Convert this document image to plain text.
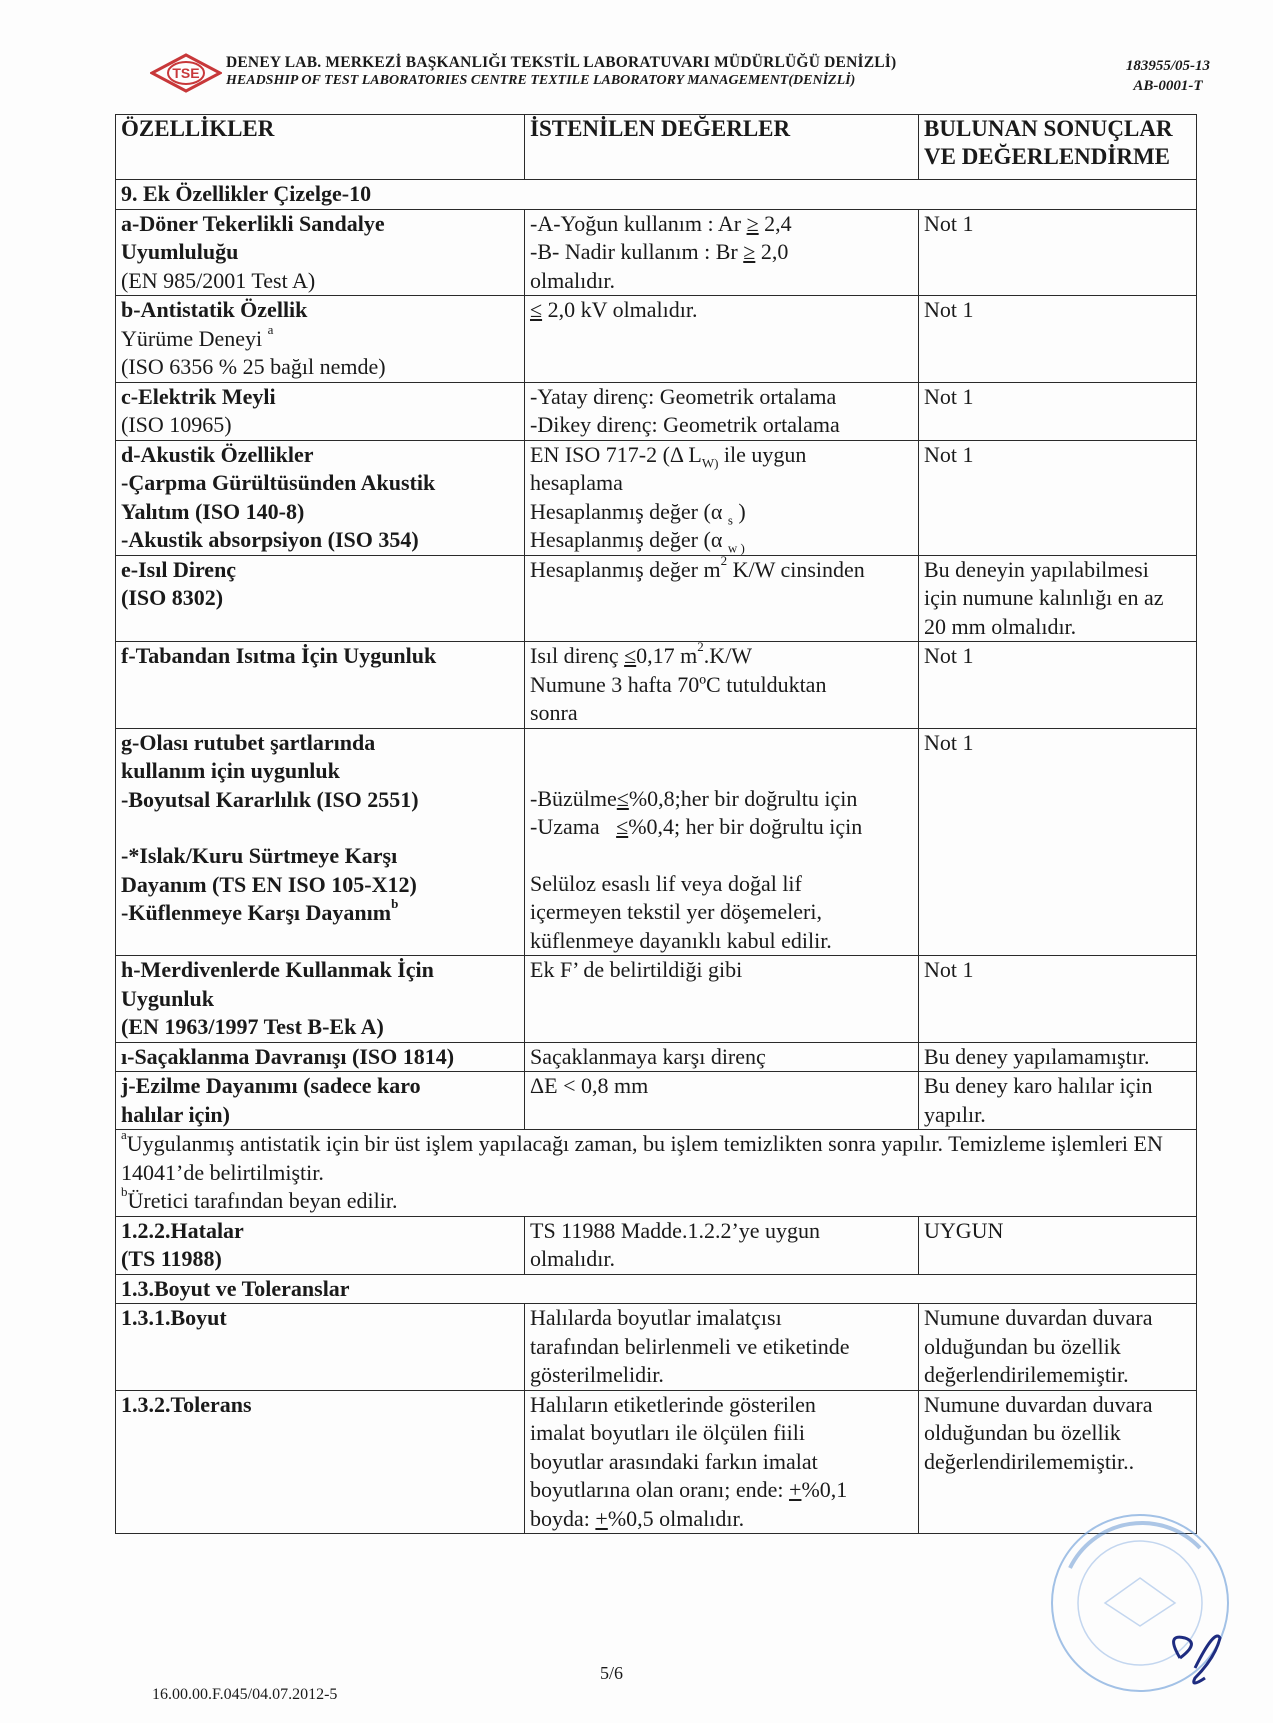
TSE
DENEY LAB. MERKEZİ BAŞKANLIĞI TEKSTİL LABORATUVARI MÜDÜRLÜĞÜ DENİZLİ)
HEADSHIP OF TEST LABORATORIES CENTRE TEXTILE LABORATORY MANAGEMENT(DENİZLİ)
183955/05-13
AB-0001-T
ÖZELLİKLER	İSTENİLEN DEĞERLER	BULUNAN SONUÇLAR
VE DEĞERLENDİRME

9. Ek Özellikler Çizelge-10		

a-Döner Tekerlikli Sandalye
Uyumluluğu
(EN 985/2001 Test A)	-A-Yoğun kullanım : Ar ≥ 2,4
-B- Nadir kullanım : Br ≥ 2,0
olmalıdır.	Not 1

b-Antistatik Özellik
Yürüme Deneyi $^a$
(ISO 6356 % 25 bağıl nemde)	≤ 2,0 kV olmalıdır.	Not 1

c-Elektrik Meyli
(ISO 10965)	-Yatay direnç: Geometrik ortalama
-Dikey direnç: Geometrik ortalama	Not 1

d-Akustik Özellikler
-Çarpma Gürültüsünden Akustik
Yalıtım (ISO 140-8)
-Akustik absorpsiyon (ISO 354)	EN ISO 717-2 (Δ $L_{W)}$ ile uygun
hesaplama
Hesaplanmış değer (α $_s$ )
Hesaplanmış değer (α $_{w )}$	Not 1

e-Isıl Direnç
(ISO 8302)	Hesaplanmış değer $m^2$ K/W cinsinden	Bu deneyin yapılabilmesi
için numune kalınlığı en az
20 mm olmalıdır.

f-Tabandan Isıtma İçin Uygunluk	Isıl direnç ≤0,17 $m^2.K/W$
Numune 3 hafta 70ºC tutulduktan
sonra	Not 1

g-Olası rutubet şartlarında
kullanım için uygunluk
-Boyutsal Kararlılık (ISO 2551)
-*Islak/Kuru Sürtmeye Karşı
Dayanım (TS EN ISO 105-X12)
-Küflenmeye Karşı Dayanım$^b$

-Büzülme≤%0,8;her bir doğrultu için
-Uzama   ≤%0,4; her bir doğrultu için
Selüloz esaslı lif veya doğal lif
içermeyen tekstil yer döşemeleri,
küflenmeye dayanıklı kabul edilir.
	Not 1

h-Merdivenlerde Kullanmak İçin
Uygunluk
(EN 1963/1997 Test B-Ek A)	Ek F’ de belirtildiği gibi	Not 1
ı-Saçaklanma Davranışı (ISO 1814)	Saçaklanmaya karşı direnç	Bu deney yapılamamıştır.

j-Ezilme Dayanımı (sadece karo
halılar için)	ΔE < 0,8 mm	Bu deney karo halılar için
yapılır.

$^a$Uygulanmış antistatik için bir üst işlem yapılacağı zaman, bu işlem temizlikten sonra yapılır. Temizleme işlemleri EN 14041’de belirtilmiştir.
$^b$Üretici tarafından beyan edilir.		

1.2.2.Hatalar
(TS 11988)	TS 11988 Madde.1.2.2’ye uygun
olmalıdır.	UYGUN
1.3.Boyut ve Toleranslar		
1.3.1.Boyut	Halılarda boyutlar imalatçısı
tarafından belirlenmeli ve etiketinde
gösterilmelidir.	Numune duvardan duvara
olduğundan bu özellik
değerlendirilememiştir.

1.3.2.Tolerans	Halıların etiketlerinde gösterilen
imalat boyutları ile ölçülen fiili
boyutlar arasındaki farkın imalat
boyutlarına olan oranı; ende: +%0,1
boyda: +%0,5 olmalıdır.	Numune duvardan duvara
olduğundan bu özellik
değerlendirilememiştir..
5/6
16.00.00.F.045/04.07.2012-5
